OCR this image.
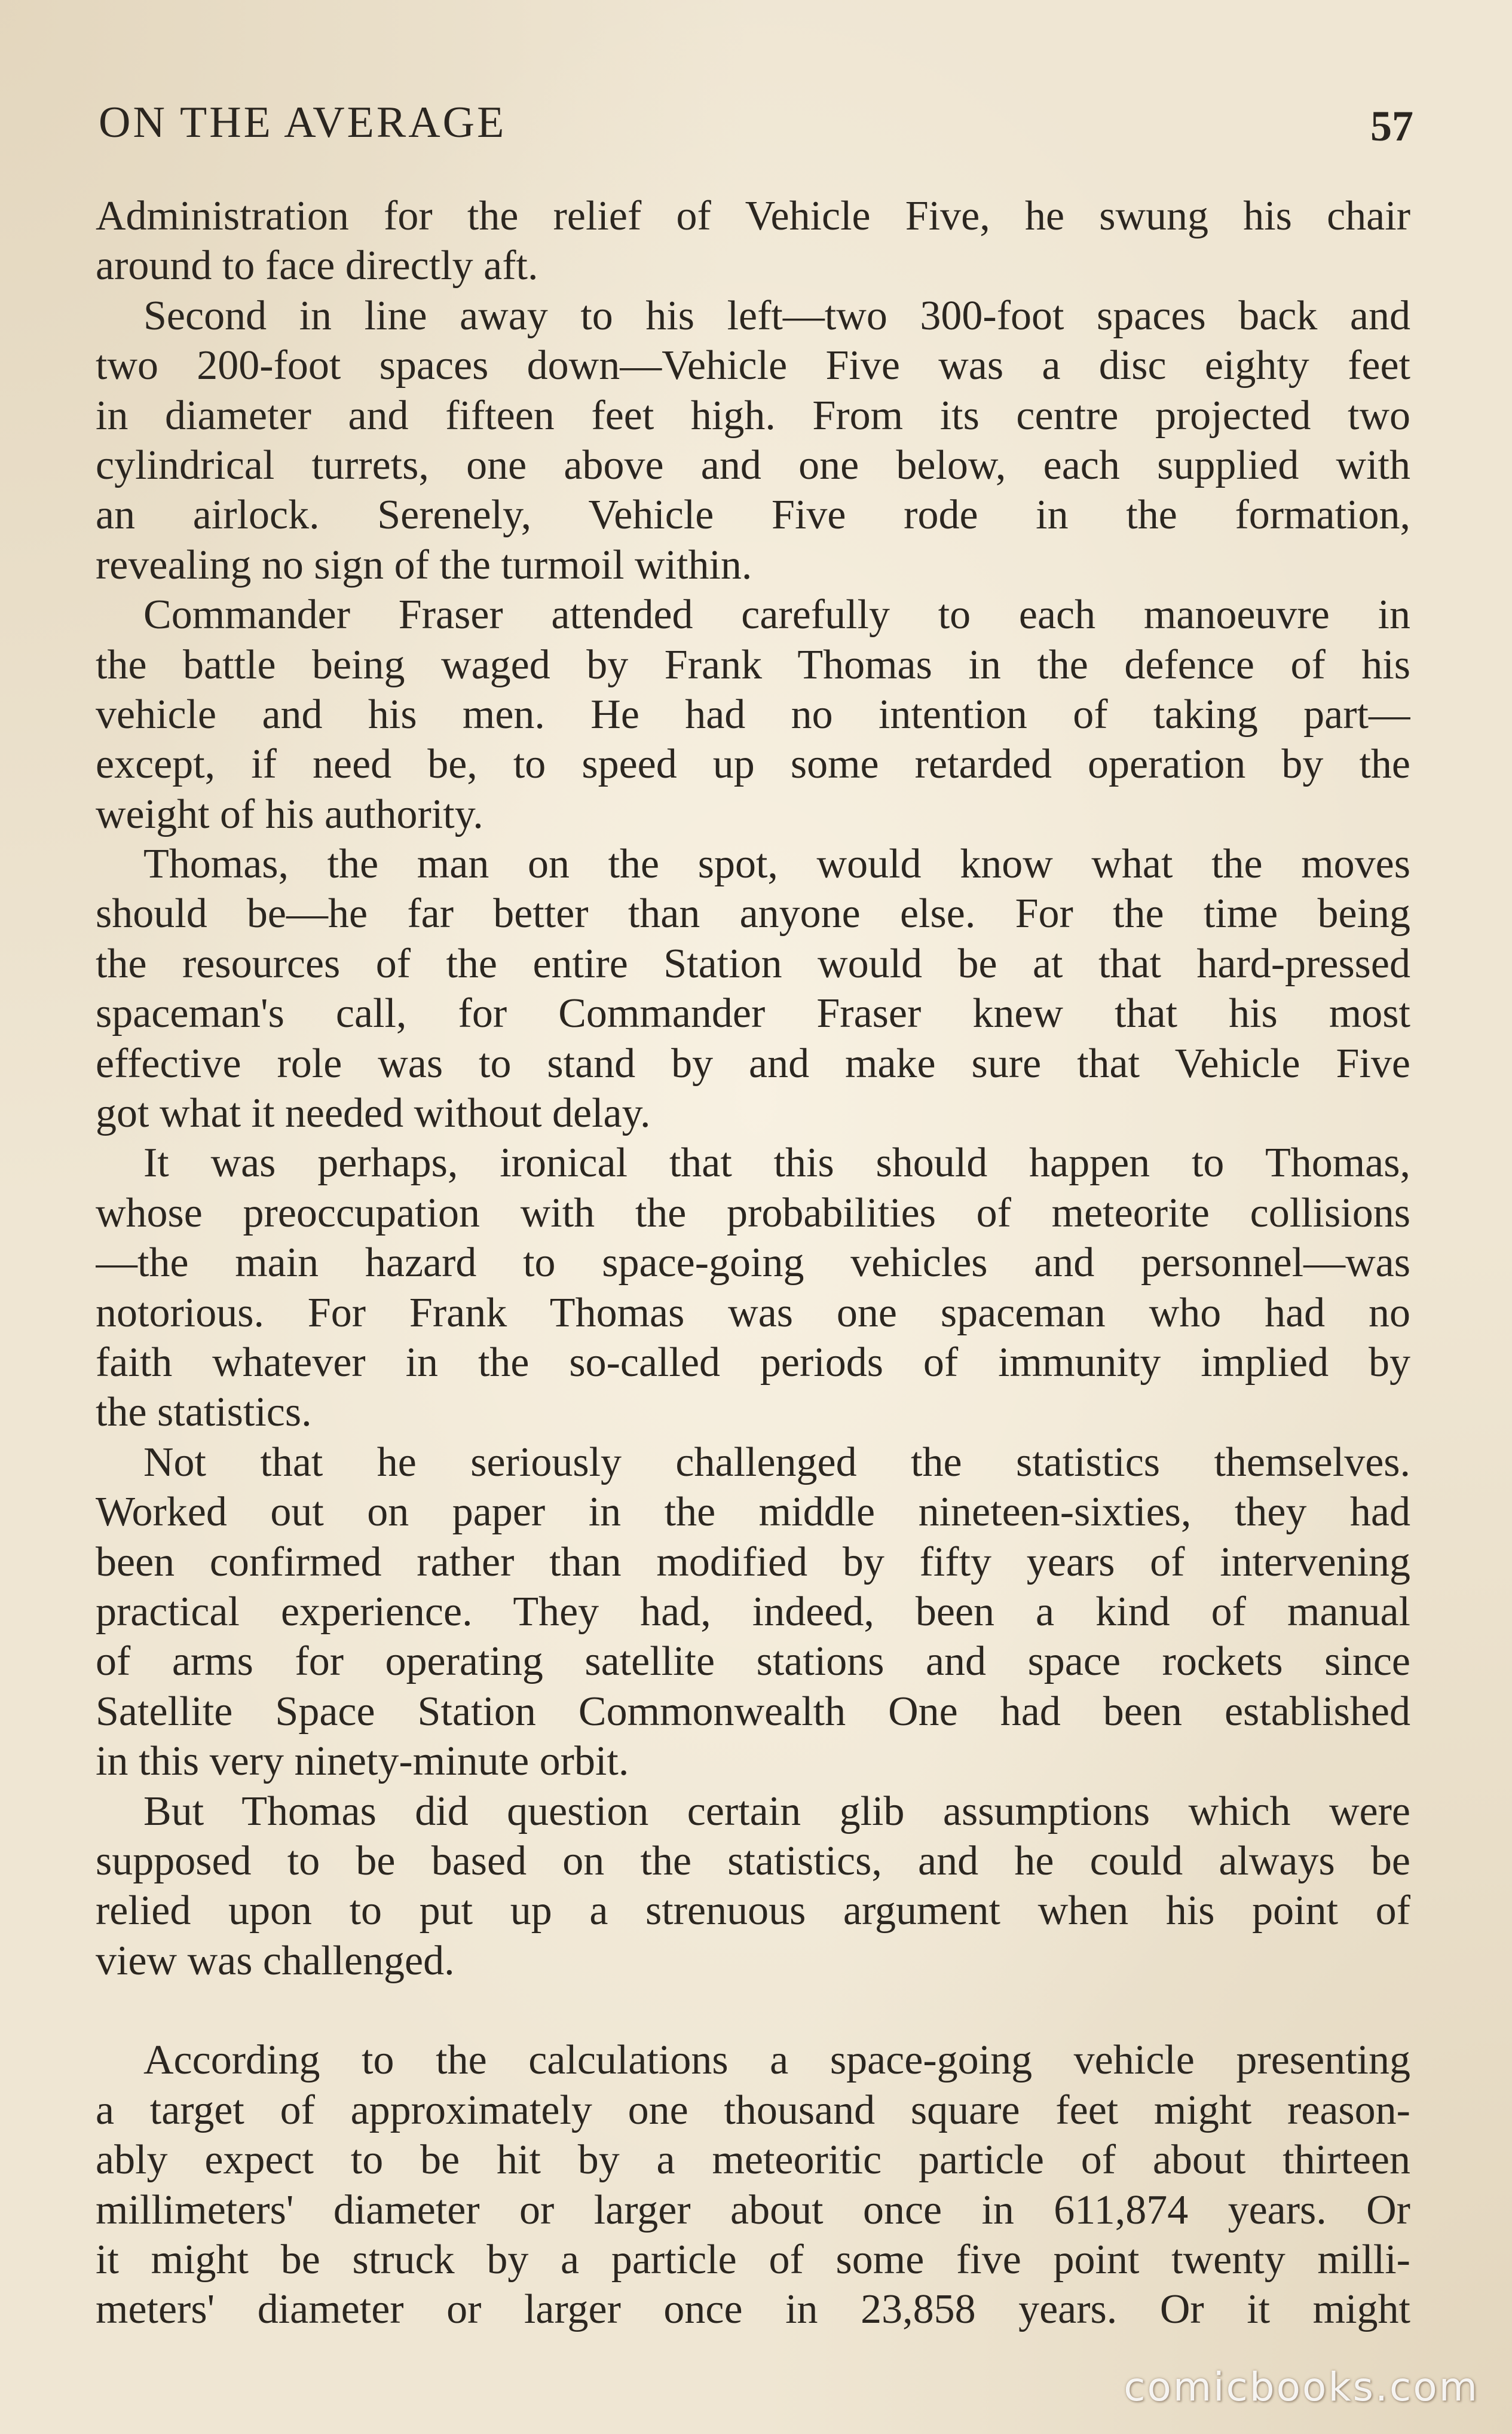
ON THE AVERAGE	57
Administration for the relief of Vehicle Five, he swung his chair
around to face directly aft.
Second in line away to his left—two 300-foot spaces back and
two 200-foot spaces down—Vehicle Five was a disc eighty feet
in diameter and fifteen feet high. From its centre projected two
cylindrical turrets, one above and one below, each supplied with
an airlock. Serenely, Vehicle Five rode in the formation,
revealing no sign of the turmoil within.
Commander Fraser attended carefully to each manoeuvre in
the battle being waged by Frank Thomas in the defence of his
vehicle and his men. He had no intention of taking part—
except, if need be, to speed up some retarded operation by the
weight of his authority.
Thomas, the man on the spot, would know what the moves
should be—he far better than anyone else. For the time being
the resources of the entire Station would be at that hard-pressed
spaceman's call, for Commander Fraser knew that his most
effective role was to stand by and make sure that Vehicle Five
got what it needed without delay.
It was perhaps, ironical that this should happen to Thomas,
whose preoccupation with the probabilities of meteorite collisions
—the main hazard to space-going vehicles and personnel—was
notorious. For Frank Thomas was one spaceman who had no
faith whatever in the so-called periods of immunity implied by
the statistics.
Not that he seriously challenged the statistics themselves.
Worked out on paper in the middle nineteen-sixties, they had
been confirmed rather than modified by fifty years of intervening
practical experience. They had, indeed, been a kind of manual
of arms for operating satellite stations and space rockets since
Satellite Space Station Commonwealth One had been established
in this very ninety-minute orbit.
But Thomas did question certain glib assumptions which were
supposed to be based on the statistics, and he could always be
relied upon to put up a strenuous argument when his point of
view was challenged.
According to the calculations a space-going vehicle presenting
a target of approximately one thousand square feet might reason-
ably expect to be hit by a meteoritic particle of about thirteen
millimeters' diameter or larger about once in 611,874 years. Or
it might be struck by a particle of some five point twenty milli-
meters' diameter or larger once in 23,858 years. Or it might
comicbooks.com
